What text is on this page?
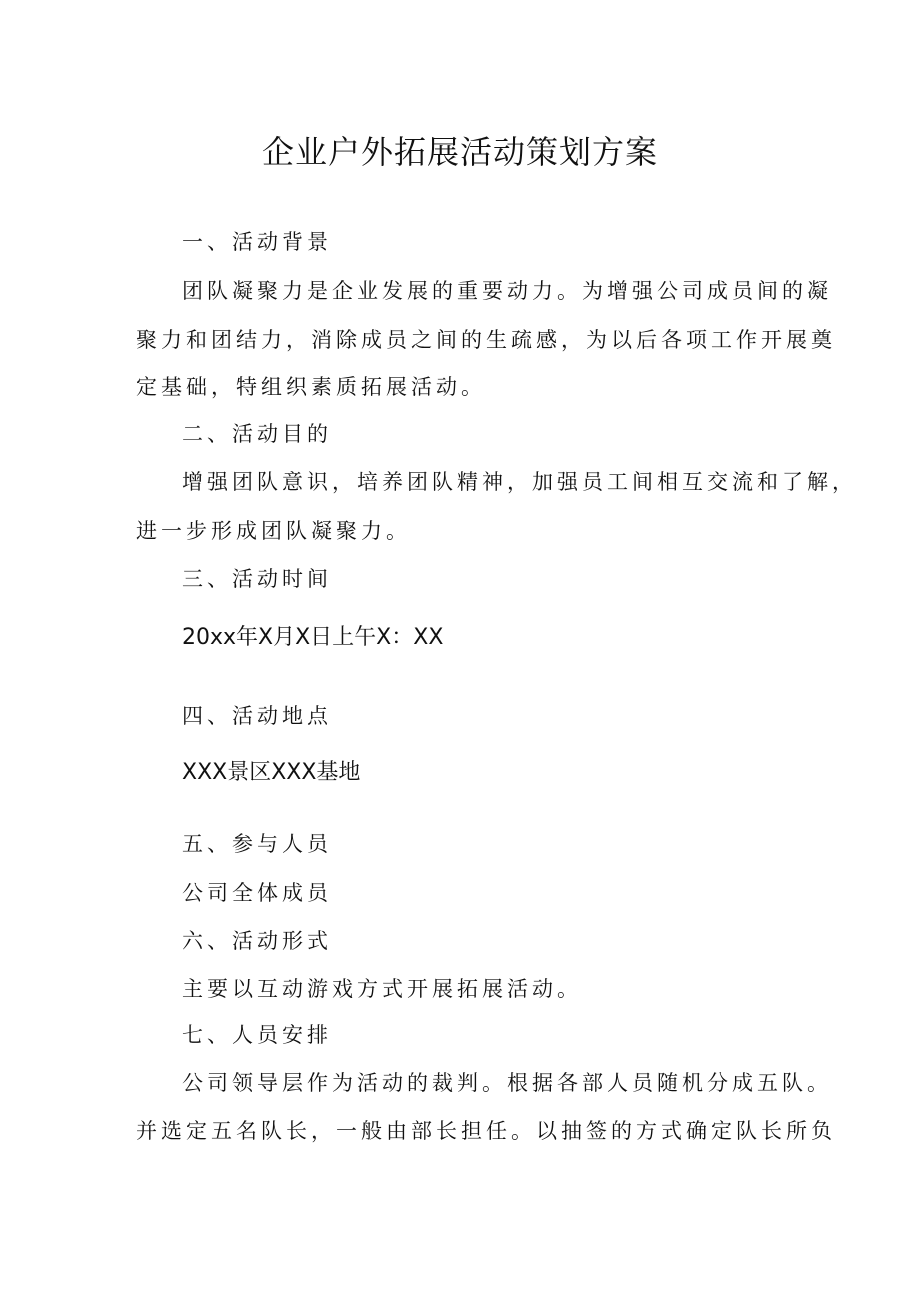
企业户外拓展活动策划方案

一、活动背景

团队凝聚力是企业发展的重要动力。为增强公司成员间的凝

聚力和团结力，消除成员之间的生疏感，为以后各项工作开展奠

定基础，特组织素质拓展活动。

二、活动目的

增强团队意识，培养团队精神，加强员工间相互交流和了解，

进一步形成团队凝聚力。

三、活动时间

20xx年X月X日上午X：XX

四、活动地点

XXX景区XXX基地

五、参与人员

公司全体成员

六、活动形式

主要以互动游戏方式开展拓展活动。

七、人员安排

公司领导层作为活动的裁判。根据各部人员随机分成五队。

并选定五名队长，一般由部长担任。以抽签的方式确定队长所负
